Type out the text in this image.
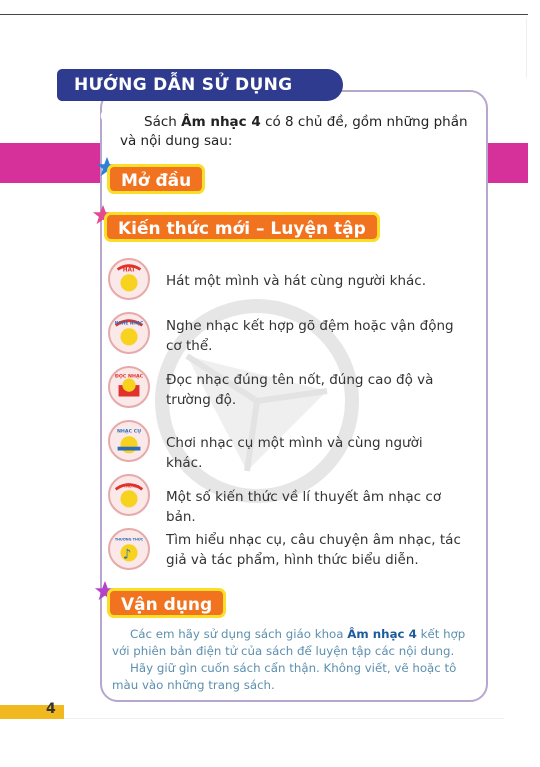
HƯỚNG DẪN SỬ DỤNG SÁCH	Sách Âm nhạc 4 có 8 chủ đề, gồm những phần và nội dung sau:
Mở đầu
Kiến thức mới – Luyện tập
HÁT
Hát một mình và hát cùng người khác.
NGHE NHẠC Nghe nhạc kết hợp gõ đệm hoặc vận động cơ thể.
ĐỌC NHẠC Đọc nhạc đúng tên nốt, đúng cao độ và trường độ.
NHẠC CỤ
Chơi nhạc cụ một mình và cùng người khác.
LÍ THUYẾT
Một số kiến thức về lí thuyết âm nhạc cơ bản.
♪
THƯỜNG THỨC Tìm hiểu nhạc cụ, câu chuyện âm nhạc, tác giả và tác phẩm, hình thức biểu diễn.
Vận dụng
Các em hãy sử dụng sách giáo khoa Âm nhạc 4 kết hợp với phiên bản điện tử của sách để luyện tập các nội dung.
Hãy giữ gìn cuốn sách cẩn thận. Không viết, vẽ hoặc tô màu vào những trang sách.
4
